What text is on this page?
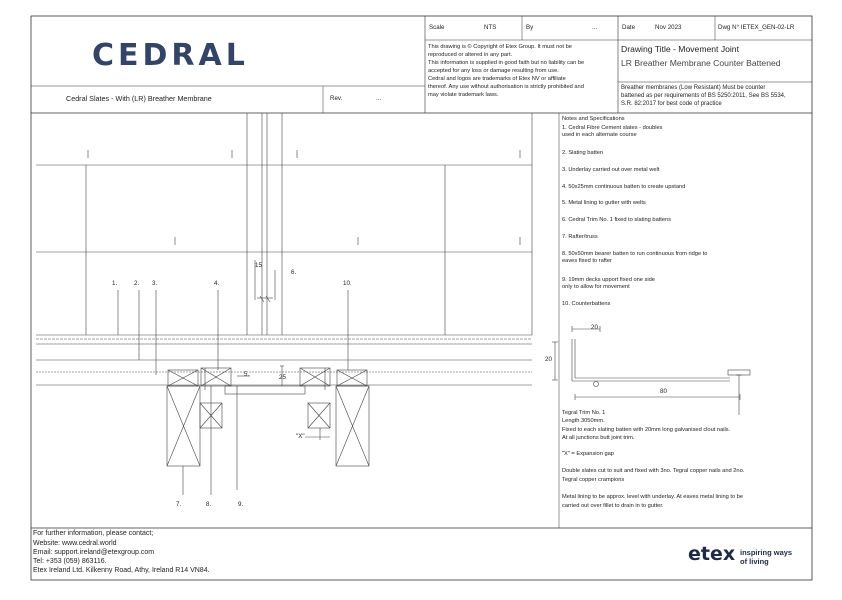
Scale	NTS	By	...	Date	Nov 2023	Dwg N° IETEX_GEN-02-LR
This drawing is © Copyright of Etex Group. It must not be
reproduced or altered in any part.
This information is supplied in good faith but no liability can be
accepted for any loss or damage resulting from use.
Cedral and logos are trademarks of Etex NV or affiliate
thereof. Any use without authorisation is strictly prohibited and
may violate trademark laws.
Drawing Title - Movement Joint
LR Breather Membrane Counter Battened
Breather membranes (Low Resistant) Must be counter
battened as per requirements of BS 5250:2011, See BS 5534,
S.R. 82:2017 for best code of practice
CEDRAL
Cedral Slates - With (LR) Breather Membrane	Rev.	...
1.	2. 3.	4.	10.
5.
6.
15
25
"X"
7.	8.	9.
Notes and Specifications
1. Cedral Fibre Cement slates - doubles
used in each alternate course
2. Slating batten
3. Underlay carried out over metal welt
4. 50x25mm continuous batten to create upstand
5. Metal lining to gutter with welts
6. Cedral Trim No. 1 fixed to slating battens
7. Rafter/truss
8. 50x50mm bearer batten to run continuous from ridge to
eaves fixed to rafter
9. 19mm decks upport fixed one side
only to allow for movement
10. Counterbattens
20
20
80
Tegral Trim No. 1
Length 3050mm.
Fixed to each slating batten with 20mm long galvanised clout nails.
At all junctions butt joint trim.
"X" = Expansion gap
Double slates cut to suit and fixed with 3no. Tegral copper nails and 2no.
Tegral copper crampions
Metal lining to be approx. level with underlay. At eaves metal lining to be
carried out over fillet to drain in to gutter.
For further information, please contact;
Website: www.cedral.world
Email: support.ireland@etexgroup.com
Tel: +353 (059) 863116.
Etex Ireland Ltd. Kilkenny Road, Athy, Ireland R14 VN84.
etex inspiring ways
of living
